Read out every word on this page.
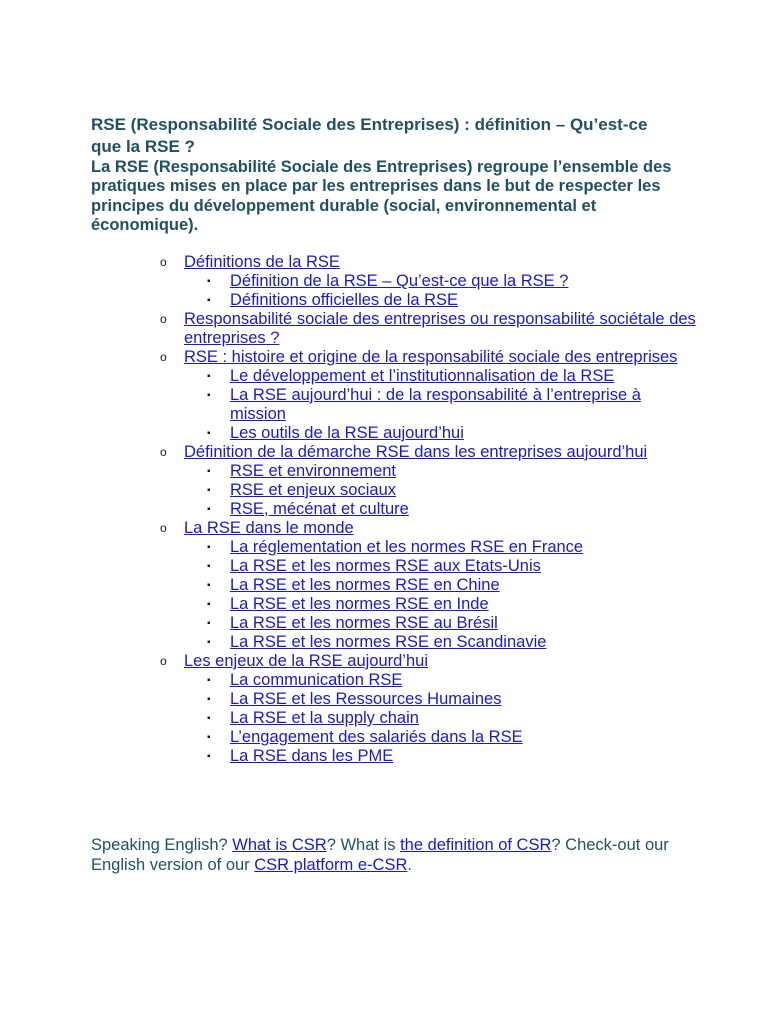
RSE (Responsabilité Sociale des Entreprises) : définition – Qu’est-ce que la RSE ?

La RSE (Responsabilité Sociale des Entreprises) regroupe l’ensemble des pratiques mises en place par les entreprises dans le but de respecter les principes du développement durable (social, environnemental et économique).

o Définitions de la RSE
▪ Définition de la RSE – Qu’est-ce que la RSE ?
▪ Définitions officielles de la RSE
o Responsabilité sociale des entreprises ou responsabilité sociétale des entreprises ?
o RSE : histoire et origine de la responsabilité sociale des entreprises
▪ Le développement et l’institutionnalisation de la RSE
▪ La RSE aujourd’hui : de la responsabilité à l’entreprise à mission
▪ Les outils de la RSE aujourd’hui
o Définition de la démarche RSE dans les entreprises aujourd’hui
▪ RSE et environnement
▪ RSE et enjeux sociaux
▪ RSE, mécénat et culture
o La RSE dans le monde
▪ La réglementation et les normes RSE en France
▪ La RSE et les normes RSE aux Etats-Unis
▪ La RSE et les normes RSE en Chine
▪ La RSE et les normes RSE en Inde
▪ La RSE et les normes RSE au Brésil
▪ La RSE et les normes RSE en Scandinavie
o Les enjeux de la RSE aujourd’hui
▪ La communication RSE
▪ La RSE et les Ressources Humaines
▪ La RSE et la supply chain
▪ L’engagement des salariés dans la RSE
▪ La RSE dans les PME

Speaking English? What is CSR? What is the definition of CSR? Check-out our English version of our CSR platform e-CSR.
